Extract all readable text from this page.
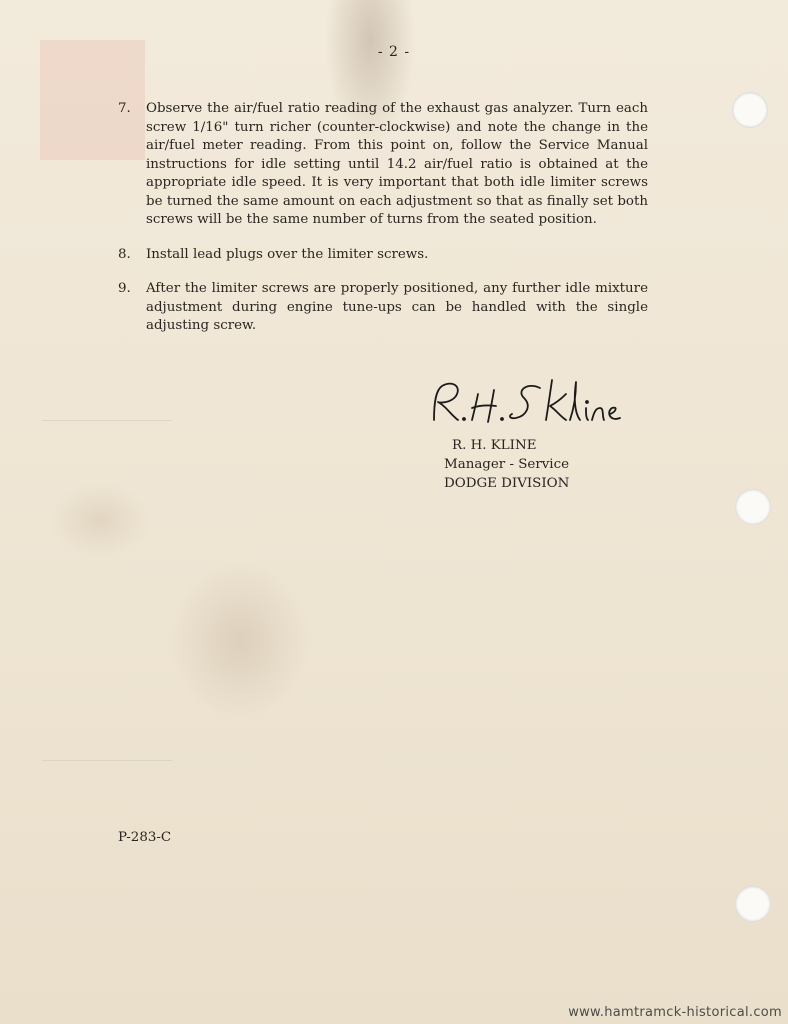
- 2 -
7.	Observe the air/fuel ratio reading of the exhaust gas analyzer. Turn each screw 1/16" turn richer (counter-clockwise) and note the change in the air/fuel meter reading. From this point on, follow the Service Manual instructions for idle setting until 14.2 air/fuel ratio is obtained at the appropriate idle speed. It is very important that both idle limiter screws be turned the same amount on each adjustment so that as finally set both screws will be the same number of turns from the seated position.
8.	Install lead plugs over the limiter screws.
9.	After the limiter screws are properly positioned, any further idle mixture adjustment during engine tune-ups can be handled with the single adjusting screw.
R. H. KLINE
Manager - Service
DODGE DIVISION
P-283-C
www.hamtramck-historical.com
